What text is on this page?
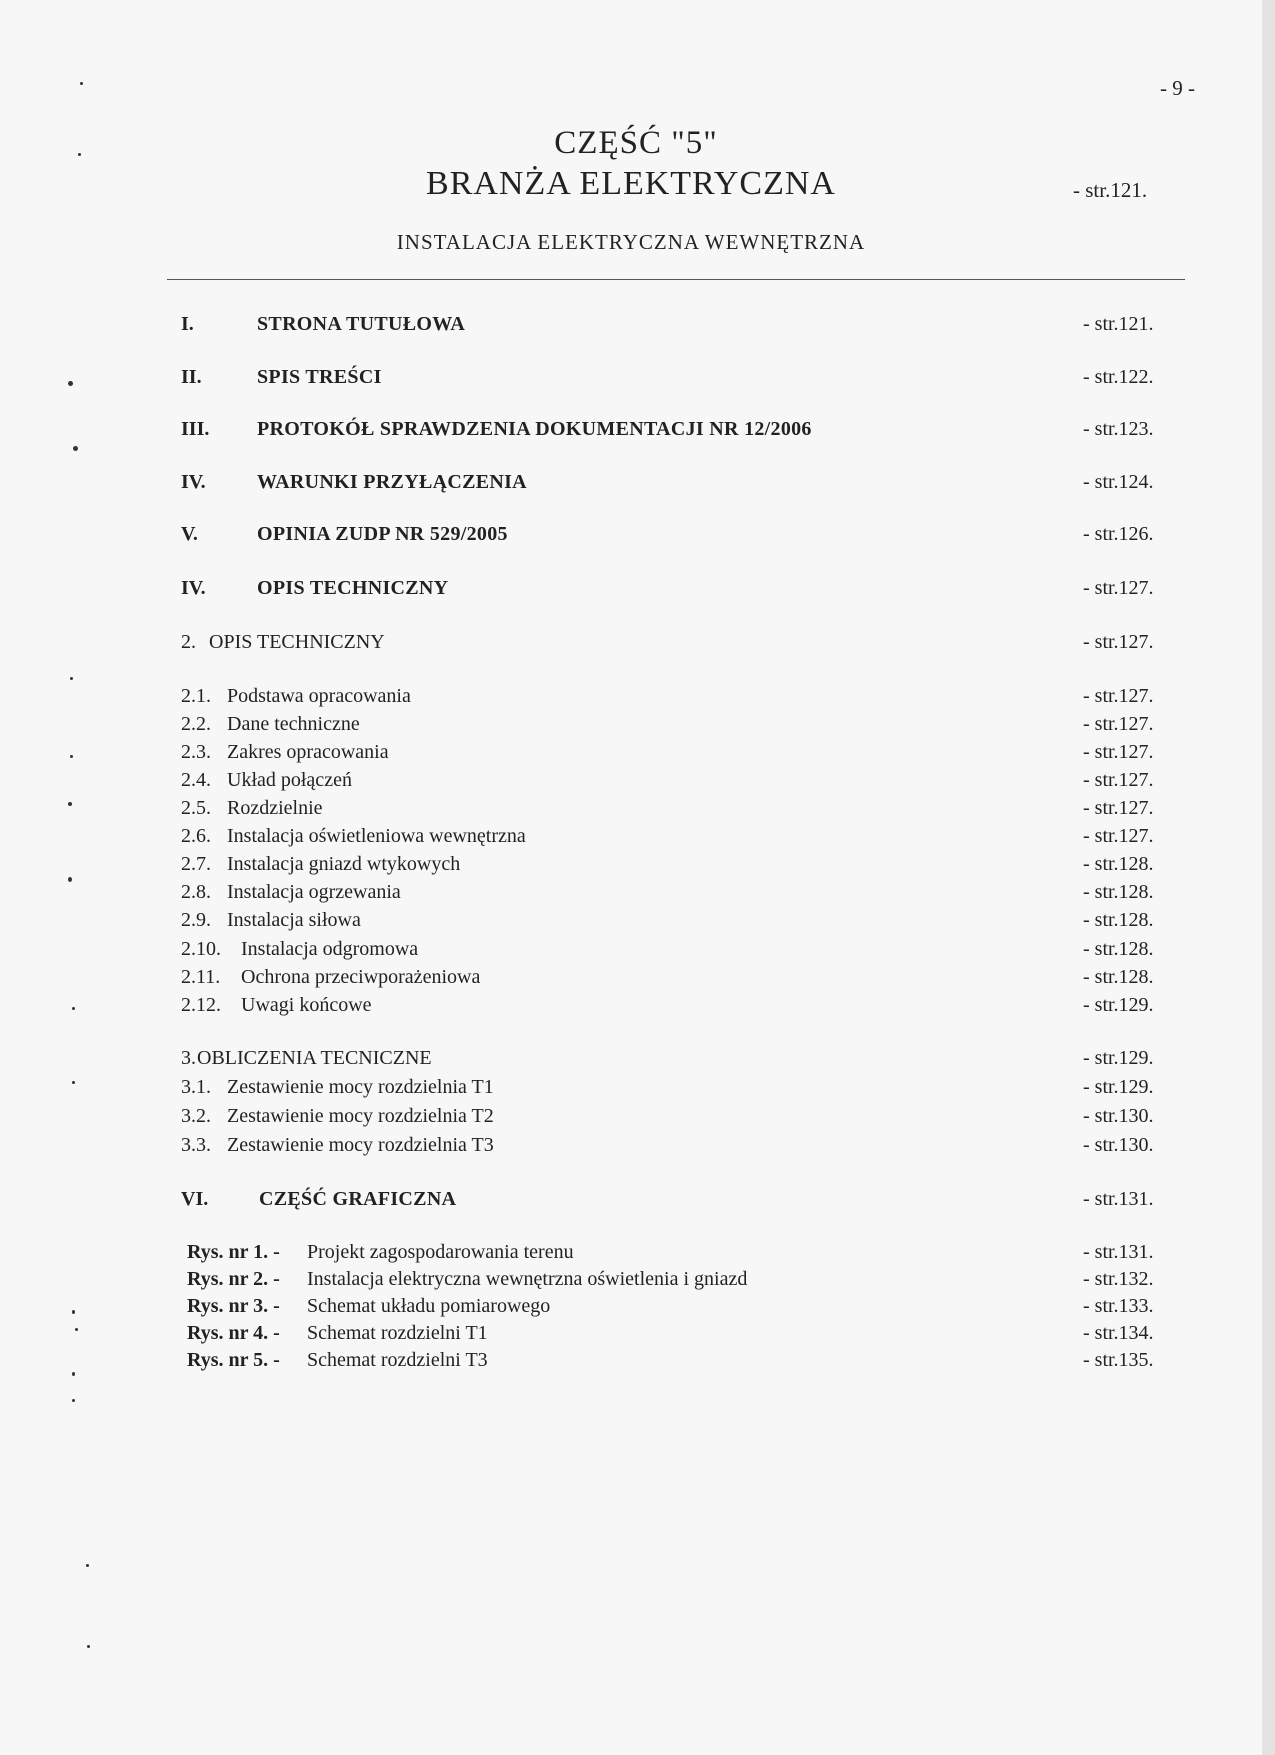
- 9 -
CZĘŚĆ "5"
BRANŻA ELEKTRYCZNA	- str.121.
INSTALACJA ELEKTRYCZNA WEWNĘTRZNA
I.	STRONA TUTUŁOWA	- str.121.
II.	SPIS TREŚCI	- str.122.
III. PROTOKÓŁ SPRAWDZENIA DOKUMENTACJI NR 12/2006	- str.123.
IV.	WARUNKI PRZYŁĄCZENIA	- str.124.
V.	OPINIA ZUDP NR 529/2005	- str.126.
IV.	OPIS TECHNICZNY	- str.127.
2. OPIS TECHNICZNY	- str.127.
2.1. Podstawa opracowania	- str.127.
2.2. Dane techniczne	- str.127.
2.3. Zakres opracowania	- str.127.
2.4. Układ połączeń	- str.127.
2.5. Rozdzielnie	- str.127.
2.6. Instalacja oświetleniowa wewnętrzna	- str.127.
2.7. Instalacja gniazd wtykowych	- str.128.
2.8. Instalacja ogrzewania	- str.128.
2.9. Instalacja siłowa	- str.128.
2.10. Instalacja odgromowa	- str.128.
2.11. Ochrona przeciwporażeniowa	- str.128.
2.12. Uwagi końcowe	- str.129.
3. OBLICZENIA TECNICZNE	- str.129.
3.1. Zestawienie mocy rozdzielnia T1	- str.129.
3.2. Zestawienie mocy rozdzielnia T2	- str.130.
3.3. Zestawienie mocy rozdzielnia T3	- str.130.
VI.	CZĘŚĆ GRAFICZNA	- str.131.
Rys. nr 1. - Projekt zagospodarowania terenu	- str.131.
Rys. nr 2. - Instalacja elektryczna wewnętrzna oświetlenia i gniazd	- str.132.
Rys. nr 3. - Schemat układu pomiarowego	- str.133.
Rys. nr 4. - Schemat rozdzielni T1	- str.134.
Rys. nr 5. - Schemat rozdzielni T3	- str.135.
